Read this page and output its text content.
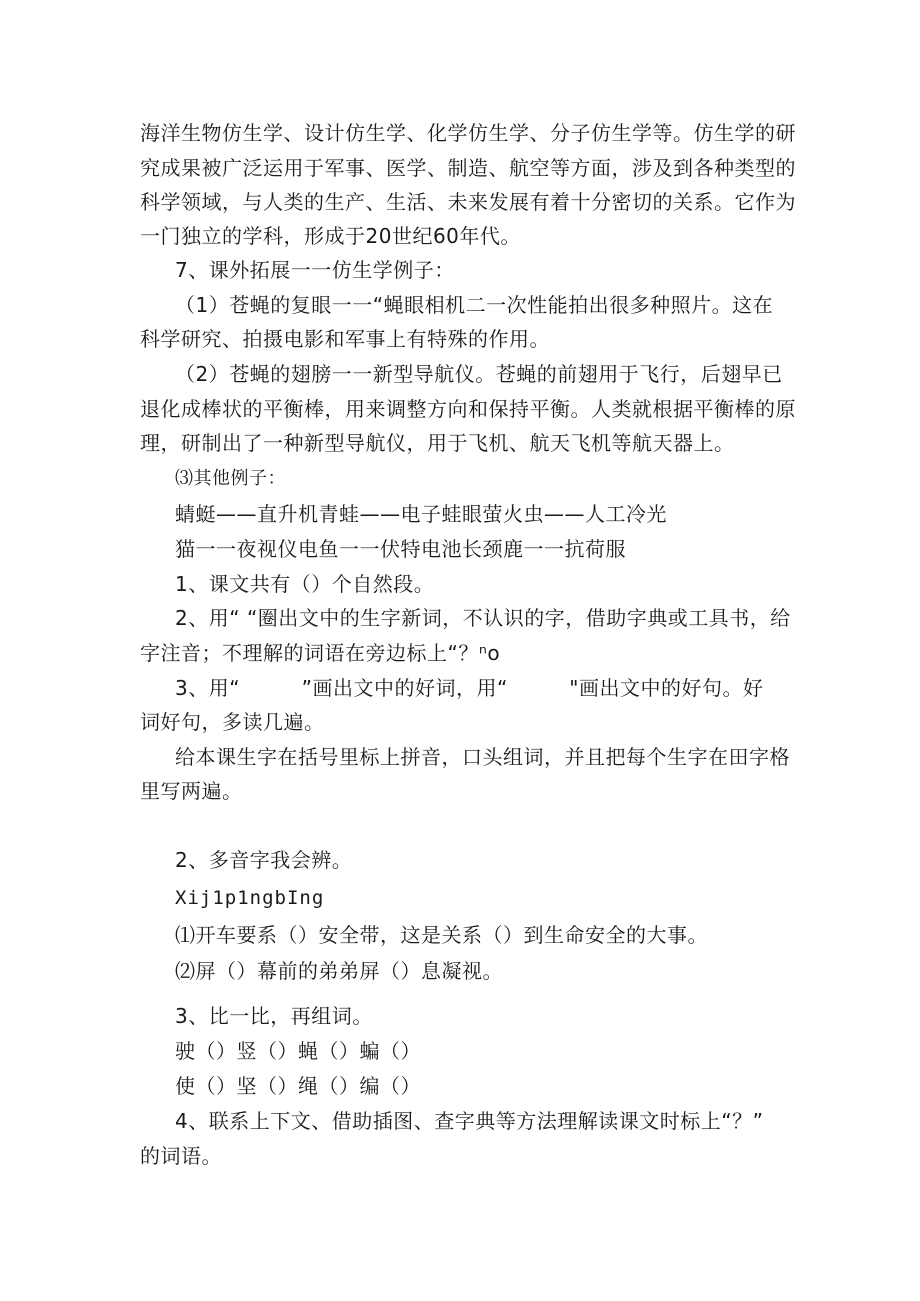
海洋生物仿生学、设计仿生学、化学仿生学、分子仿生学等。仿生学的研
究成果被广泛运用于军事、医学、制造、航空等方面，涉及到各种类型的
科学领域，与人类的生产、生活、未来发展有着十分密切的关系。它作为
一门独立的学科，形成于20世纪60年代。
7、课外拓展一一仿生学例子：
（1）苍蝇的复眼一一“蝇眼相机二一次性能拍出很多种照片。这在
科学研究、拍摄电影和军事上有特殊的作用。
（2）苍蝇的翅膀一一新型导航仪。苍蝇的前翅用于飞行，后翅早已
退化成棒状的平衡棒，用来调整方向和保持平衡。人类就根据平衡棒的原
理，研制出了一种新型导航仪，用于飞机、航天飞机等航天器上。
⑶其他例子：
蜻蜓——直升机青蛙——电子蛙眼萤火虫——人工冷光
猫一一夜视仪电鱼一一伏特电池长颈鹿一一抗荷服
1、课文共有（）个自然段。
2、用“ “圈出文中的生字新词，不认识的字，借助字典或工具书，给
字注音；不理解的词语在旁边标上“？ⁿo
3、用“　　　”画出文中的好词，用“　　　"画出文中的好句。好
词好句，多读几遍。
给本课生字在括号里标上拼音，口头组词，并且把每个生字在田字格
里写两遍。
2、多音字我会辨。
Xij1p1ngbIng
⑴开车要系（）安全带，这是关系（）到生命安全的大事。
⑵屏（）幕前的弟弟屏（）息凝视。
3、比一比，再组词。
驶（）竖（）蝇（）蝙（）
使（）坚（）绳（）编（）
4、联系上下文、借助插图、查字典等方法理解读课文时标上“？”
的词语。
